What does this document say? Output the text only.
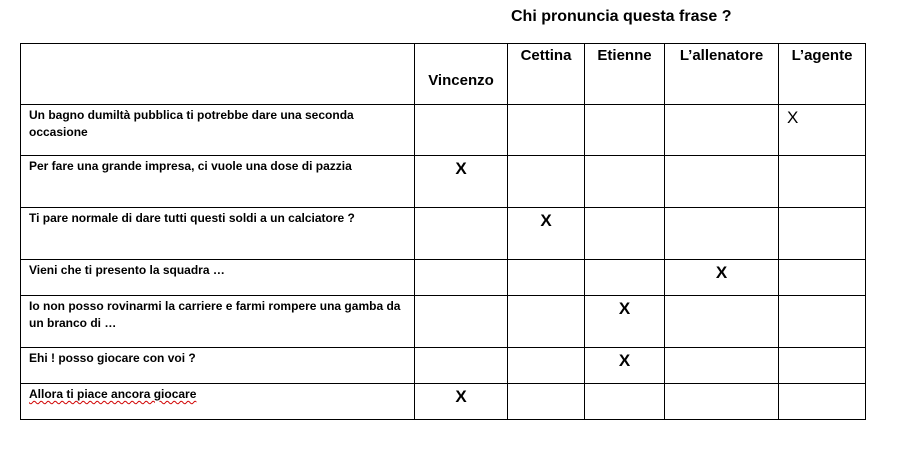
Chi pronuncia questa frase ?
	Vincenzo	Cettina	Etienne	L’allenatore	L’agente
Un bagno dumiltà pubblica ti potrebbe dare una seconda occasione					X
Per fare una grande impresa, ci vuole una dose di pazzia	X				
Ti pare normale di dare tutti questi soldi a un calciatore ?		X			
Vieni che ti presento la squadra …				X	
Io non posso rovinarmi la carriere e farmi rompere una gamba da un branco di …			X		
Ehi ! posso giocare con voi ?			X		
Allora ti piace ancora giocare	X				
